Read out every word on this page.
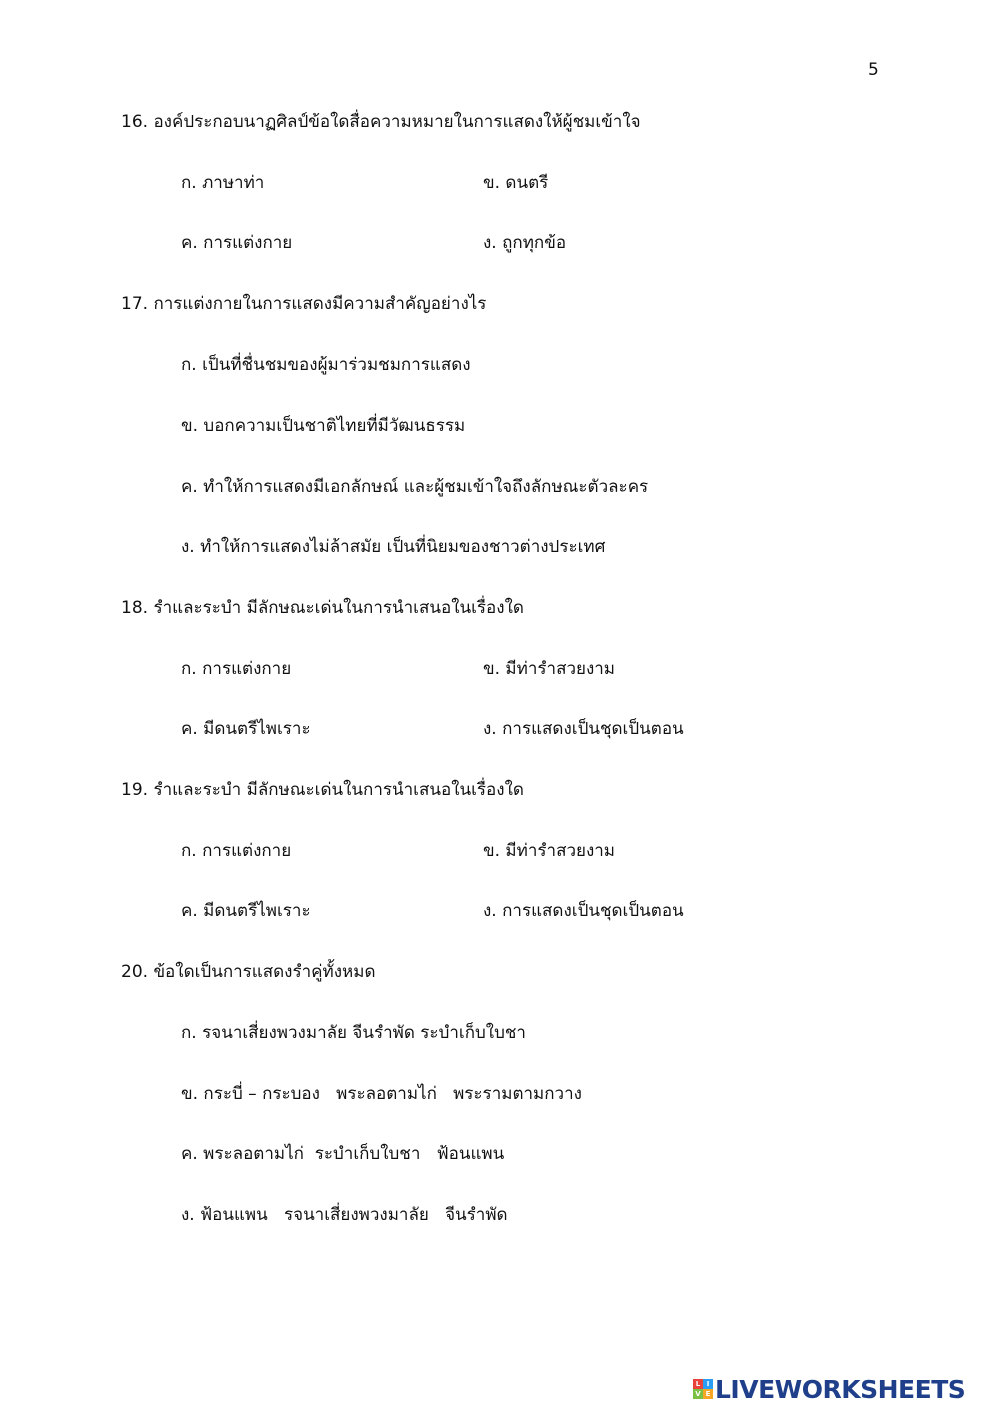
5
16. องค์ประกอบนาฏศิลป์ข้อใดสื่อความหมายในการแสดงให้ผู้ชมเข้าใจ
ก. ภาษาท่า	ข. ดนตรี
ค. การแต่งกาย	ง. ถูกทุกข้อ
17. การแต่งกายในการแสดงมีความสำคัญอย่างไร
ก. เป็นที่ชื่นชมของผู้มาร่วมชมการแสดง
ข. บอกความเป็นชาติไทยที่มีวัฒนธรรม
ค. ทำให้การแสดงมีเอกลักษณ์ และผู้ชมเข้าใจถึงลักษณะตัวละคร
ง. ทำให้การแสดงไม่ล้าสมัย เป็นที่นิยมของชาวต่างประเทศ
18. รำและระบำ มีลักษณะเด่นในการนำเสนอในเรื่องใด
ก. การแต่งกาย	ข. มีท่ารำสวยงาม
ค. มีดนตรีไพเราะ	ง. การแสดงเป็นชุดเป็นตอน
19. รำและระบำ มีลักษณะเด่นในการนำเสนอในเรื่องใด
ก. การแต่งกาย	ข. มีท่ารำสวยงาม
ค. มีดนตรีไพเราะ	ง. การแสดงเป็นชุดเป็นตอน
20. ข้อใดเป็นการแสดงรำคู่ทั้งหมด
ก. รจนาเสี่ยงพวงมาลัย จีนรำพัด ระบำเก็บใบชา
ข. กระบี่ – กระบอง   พระลอตามไก่   พระรามตามกวาง
ค. พระลอตามไก่  ระบำเก็บใบชา   ฟ้อนแพน
ง. ฟ้อนแพน   รจนาเสี่ยงพวงมาลัย   จีนรำพัด
L I
V E LIVEWORKSHEETS
